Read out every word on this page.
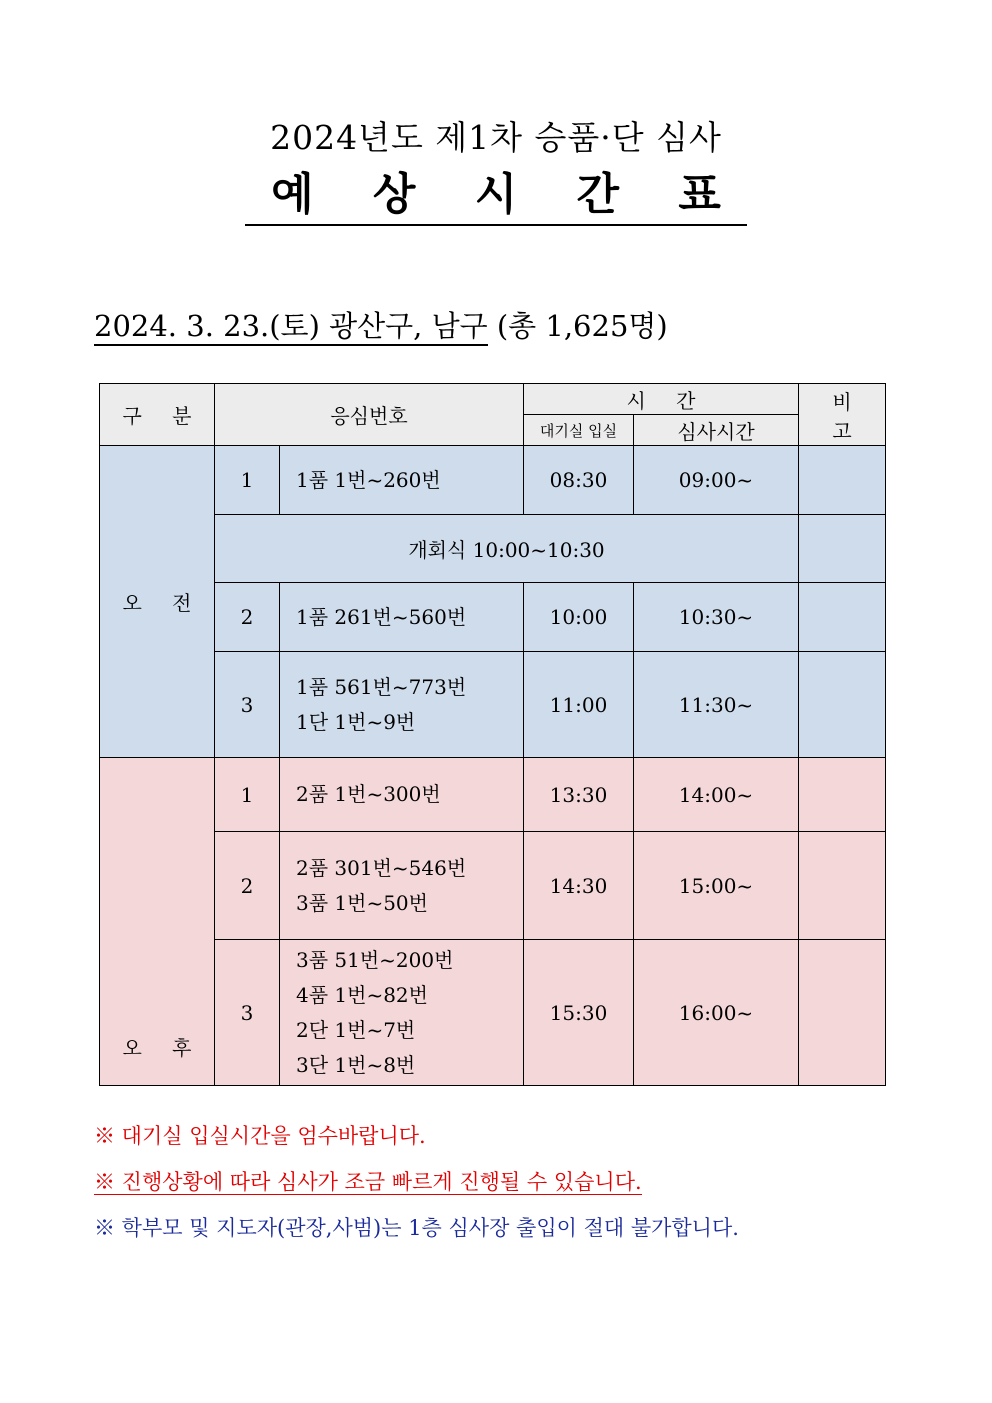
2024년도 제1차 승품·단 심사
예 상 시 간 표
2024. 3. 23.(토) 광산구, 남구 (총 1,625명)
구 분	응심번호		시 간		비 고
			대기실 입실	심사시간	
오 전	1	1품 1번~260번	08:30	09:00~	
	개회식 10:00~10:30				
	2	1품 261번~560번	10:00	10:30~	
	3	1품 561번~773번
1단 1번~9번	11:00	11:30~	

오 후	1	2품 1번~300번	13:30	14:00~	
	2	2품 301번~546번
3품 1번~50번	14:30	15:00~	
	3	3품 51번~200번
4품 1번~82번
2단 1번~7번
3단 1번~8번	15:30	16:00~	
※ 대기실 입실시간을 엄수바랍니다.
※ 진행상황에 따라 심사가 조금 빠르게 진행될 수 있습니다.
※ 학부모 및 지도자(관장,사범)는 1층 심사장 출입이 절대 불가합니다.
